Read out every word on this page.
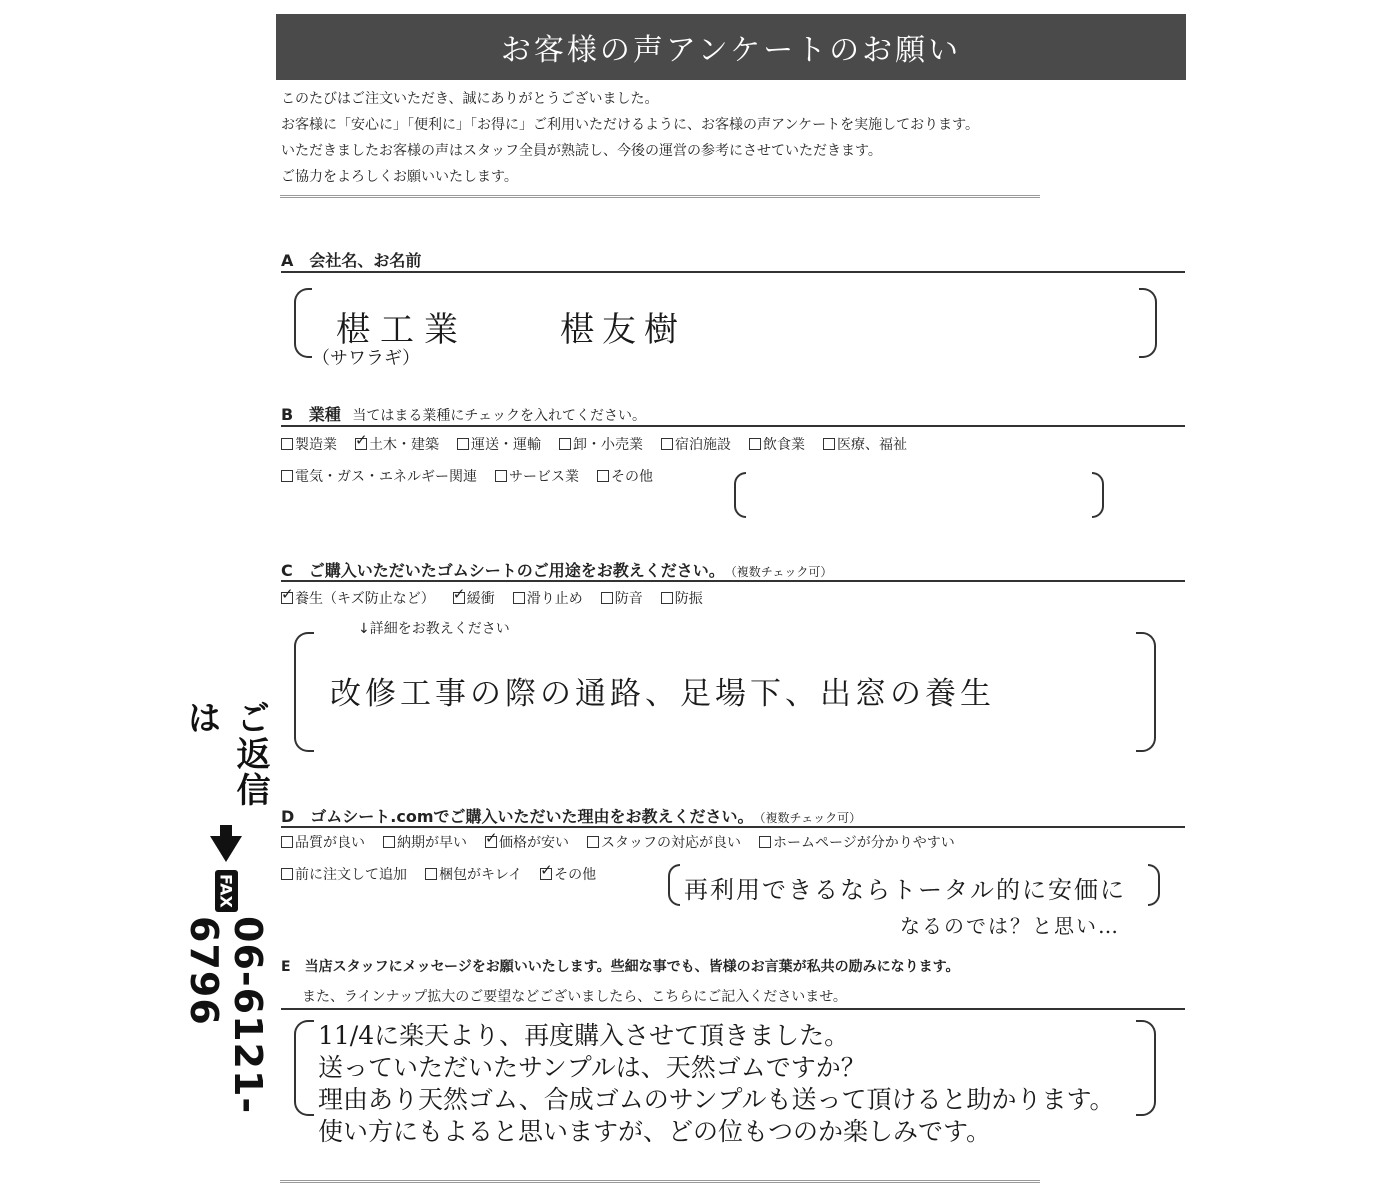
お客様の声アンケートのお願い
このたびはご注文いただき、誠にありがとうございました。
お客様に「安心に」「便利に」「お得に」ご利用いただけるように、お客様の声アンケートを実施しております。
いただきましたお客様の声はスタッフ全員が熟読し、今後の運営の参考にさせていただきます。
ご協力をよろしくお願いいたします。
A　会社名、お名前
椹工業
（サワラギ）
椹友樹
B 業種 当てはまる業種にチェックを入れてください。
製造業 ✓ 土木・建築 運送・運輸 卸・小売業 宿泊施設 飲食業 医療、福祉
電気・ガス・エネルギー関連 サービス業 その他
C　ご購入いただいたゴムシートのご用途をお教えください。 （複数チェック可）
✓ 養生（キズ防止など） ✓ 緩衝 滑り止め 防音 防振
↓詳細をお教えください
改修工事の際の通路、足場下、出窓の養生
D　ゴムシート.comでご購入いただいた理由をお教えください。 （複数チェック可）
品質が良い 納期が早い ✓ 価格が安い スタッフの対応が良い ホームページが分かりやすい
前に注文して追加 梱包がキレイ ✓ その他
再利用できるならトータル的に安価に
なるのでは？と思い…
E　当店スタッフにメッセージをお願いいたします。些細な事でも、皆様のお言葉が私共の励みになります。
また、ラインナップ拡大のご要望などございましたら、こちらにご記入くださいませ。
11/4に楽天より、再度購入させて頂きました。
送っていただいたサンプルは、天然ゴムですか？
理由あり天然ゴム、合成ゴムのサンプルも送って頂けると助かります。
使い方にもよると思いますが、どの位もつのか楽しみです。
ご返信は
FAX
06-6121-6796
